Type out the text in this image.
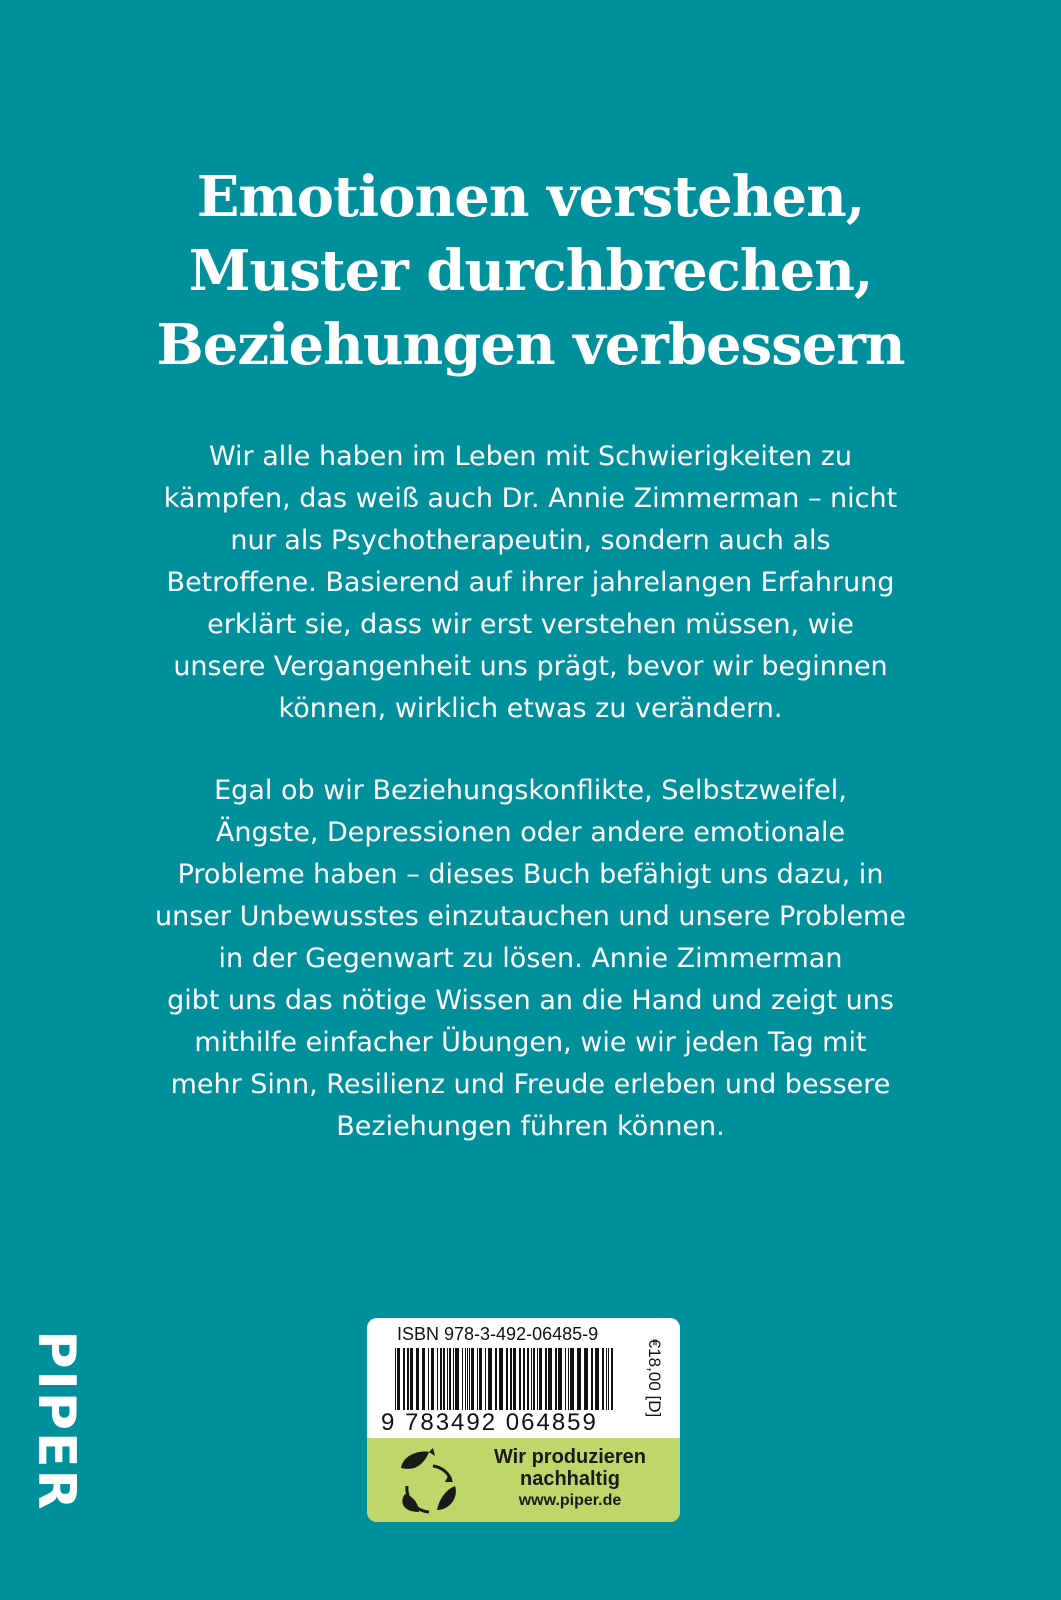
Emotionen verstehen,
Muster durchbrechen,
Beziehungen verbessern
Wir alle haben im Leben mit Schwierigkeiten zu
kämpfen, das weiß auch Dr. Annie Zimmerman – nicht
nur als Psychotherapeutin, sondern auch als
Betroffene. Basierend auf ihrer jahrelangen Erfahrung
erklärt sie, dass wir erst verstehen müssen, wie
unsere Vergangenheit uns prägt, bevor wir beginnen
können, wirklich etwas zu verändern.
Egal ob wir Beziehungskonflikte, Selbstzweifel,
Ängste, Depressionen oder andere emotionale
Probleme haben – dieses Buch befähigt uns dazu, in
unser Unbewusstes einzutauchen und unsere Probleme
in der Gegenwart zu lösen. Annie Zimmerman
gibt uns das nötige Wissen an die Hand und zeigt uns
mithilfe einfacher Übungen, wie wir jeden Tag mit
mehr Sinn, Resilienz und Freude erleben und bessere
Beziehungen führen können.
PIPER	ISBN 978-3-492-06485-9
9 783492 064859
€18,00 [D]
Wir produzieren
nachhaltig
www.piper.de
